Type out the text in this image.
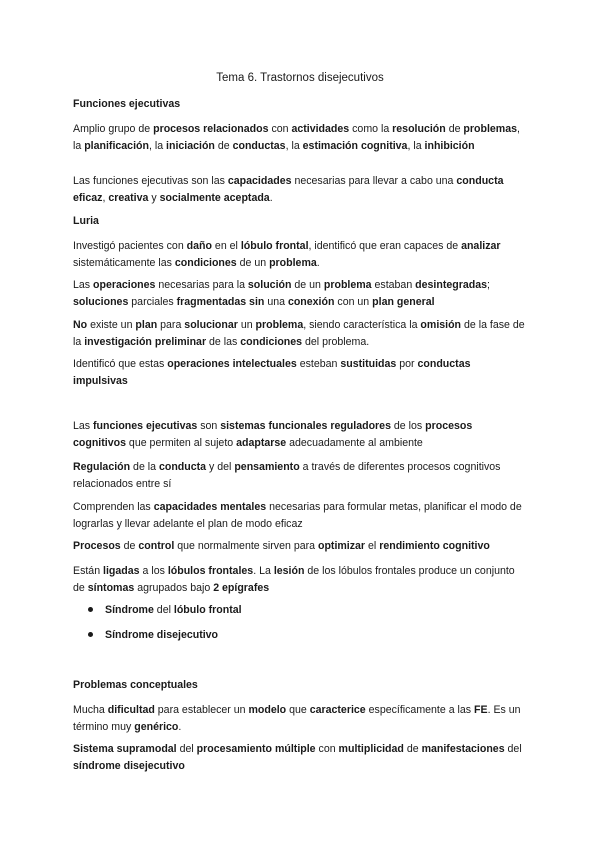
Tema 6. Trastornos disejecutivos
Funciones ejecutivas
Amplio grupo de procesos relacionados con actividades como la resolución de problemas, la planificación, la iniciación de conductas, la estimación cognitiva, la inhibición
Las funciones ejecutivas son las capacidades necesarias para llevar a cabo una conducta eficaz, creativa y socialmente aceptada.
Luria
Investigó pacientes con daño en el lóbulo frontal, identificó que eran capaces de analizar sistemáticamente las condiciones de un problema.
Las operaciones necesarias para la solución de un problema estaban desintegradas; soluciones parciales fragmentadas sin una conexión con un plan general
No existe un plan para solucionar un problema, siendo característica la omisión de la fase de la investigación preliminar de las condiciones del problema.
Identificó que estas operaciones intelectuales esteban sustituidas por conductas impulsivas
Las funciones ejecutivas son sistemas funcionales reguladores de los procesos cognitivos que permiten al sujeto adaptarse adecuadamente al ambiente
Regulación de la conducta y del pensamiento a través de diferentes procesos cognitivos relacionados entre sí
Comprenden las capacidades mentales necesarias para formular metas, planificar el modo de lograrlas y llevar adelante el plan de modo eficaz
Procesos de control que normalmente sirven para optimizar el rendimiento cognitivo
Están ligadas a los lóbulos frontales. La lesión de los lóbulos frontales produce un conjunto de síntomas agrupados bajo 2 epígrafes
Síndrome del lóbulo frontal
Síndrome disejecutivo
Problemas conceptuales
Mucha dificultad para establecer un modelo que caracterice específicamente a las FE. Es un término muy genérico.
Sistema supramodal del procesamiento múltiple con multiplicidad de manifestaciones del síndrome disejecutivo
